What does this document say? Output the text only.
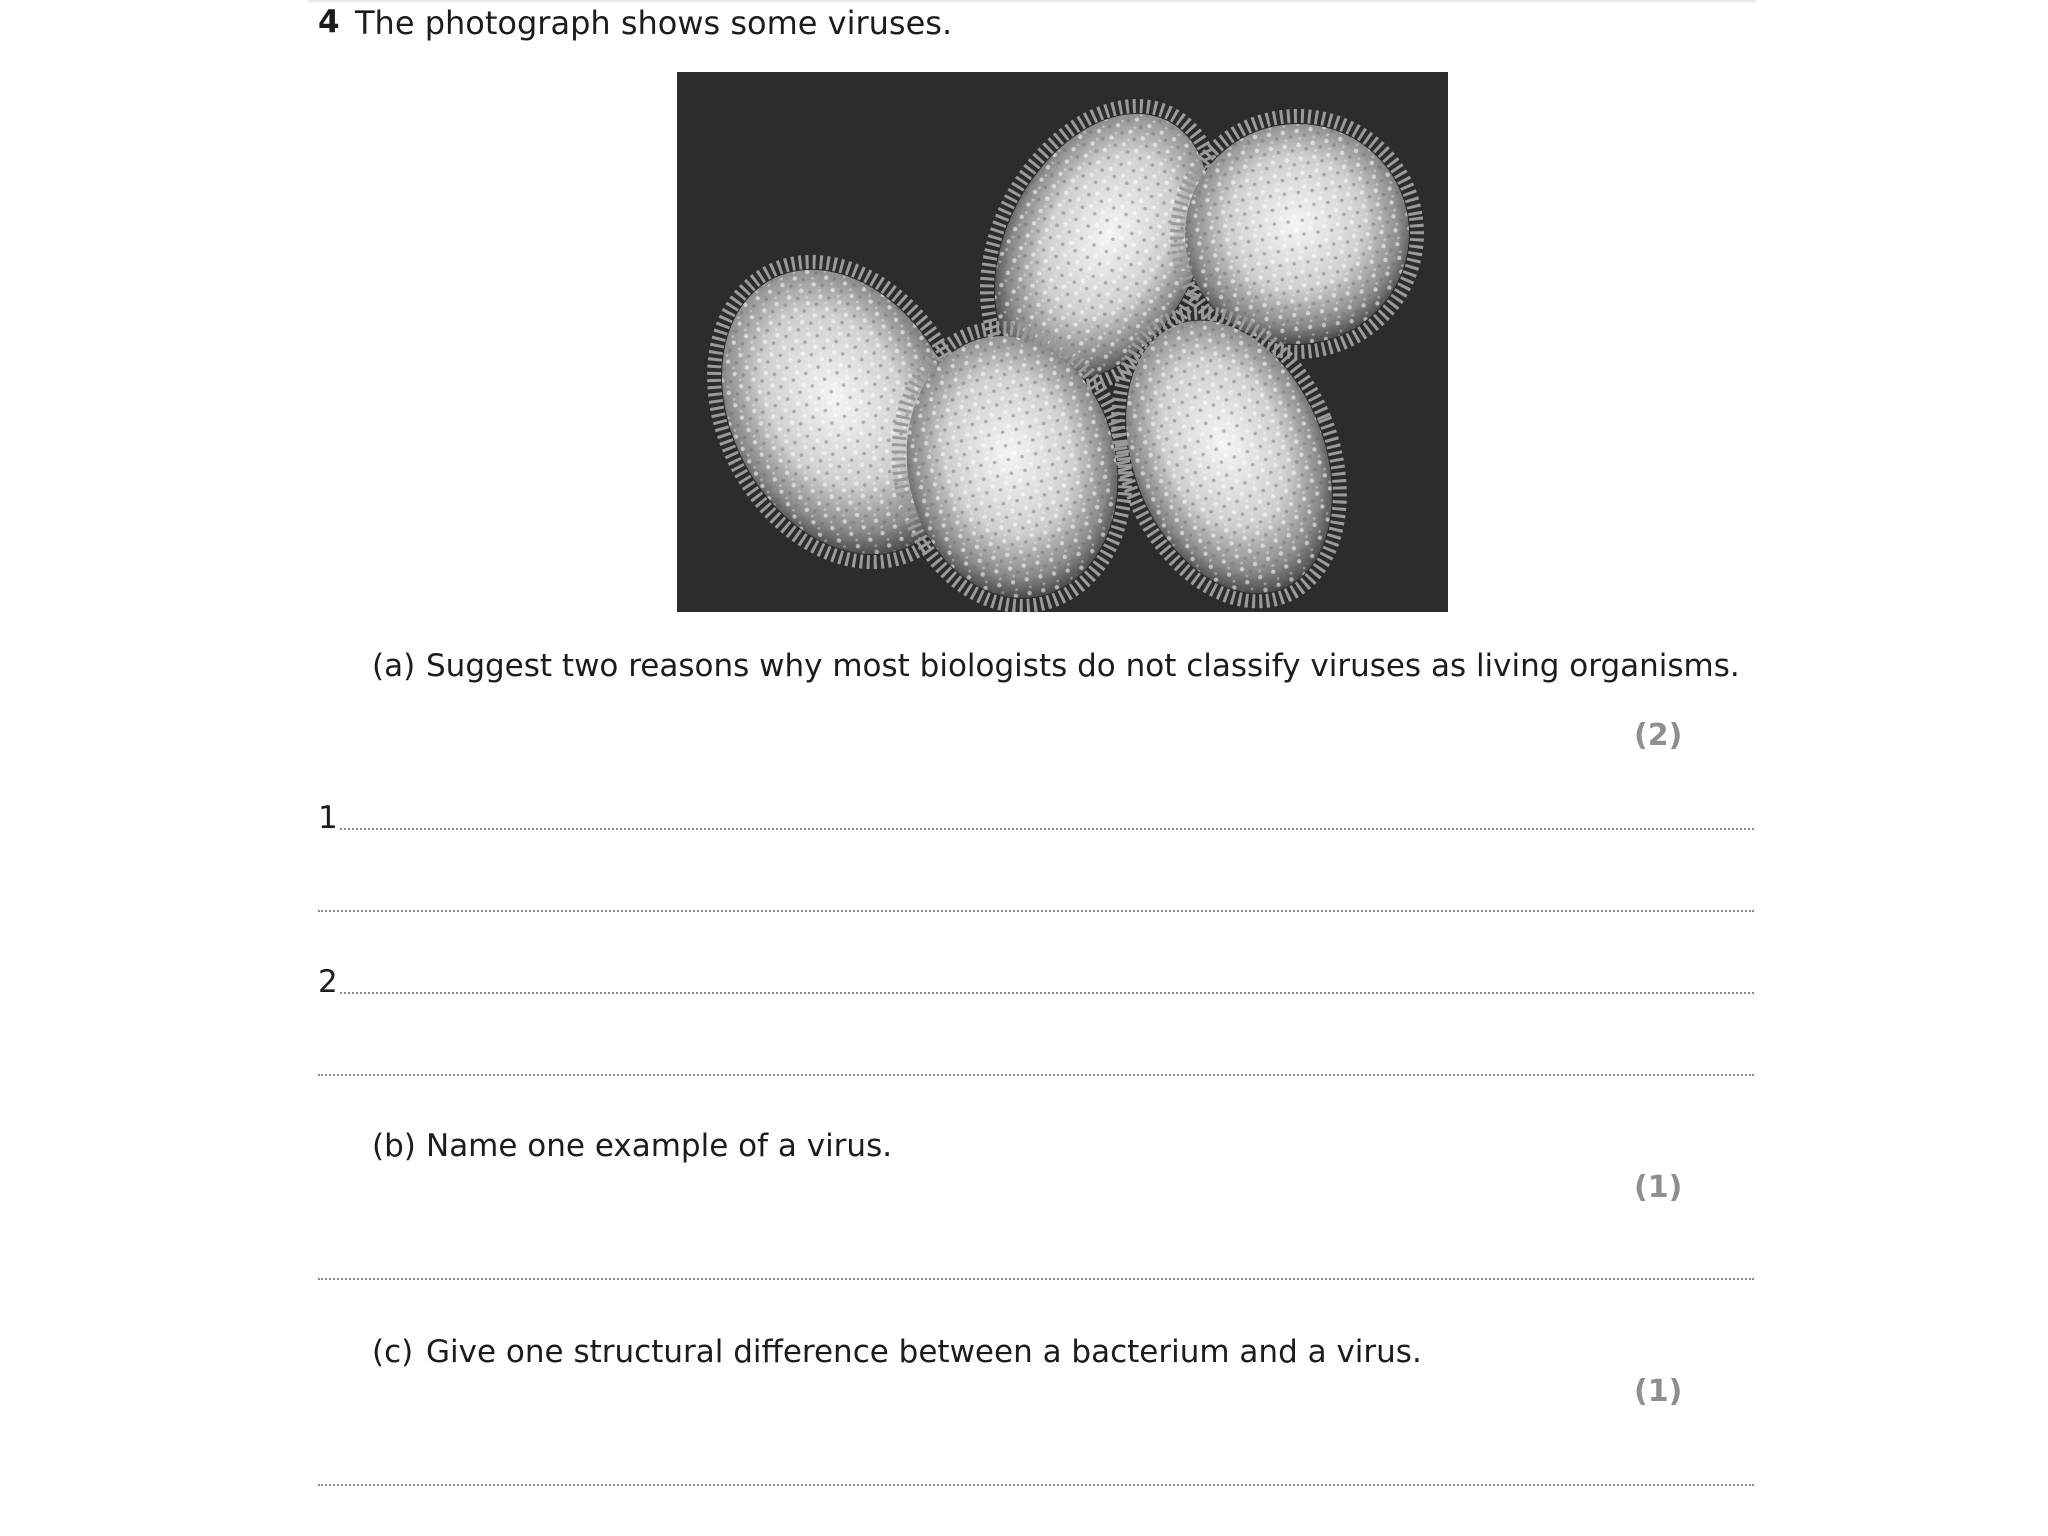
4 The photograph shows some viruses.
(a) Suggest two reasons why most biologists do not classify viruses as living organisms.
(2)
1
2
(b) Name one example of a virus.
(1)
(c) Give one structural difference between a bacterium and a virus.
(1)
